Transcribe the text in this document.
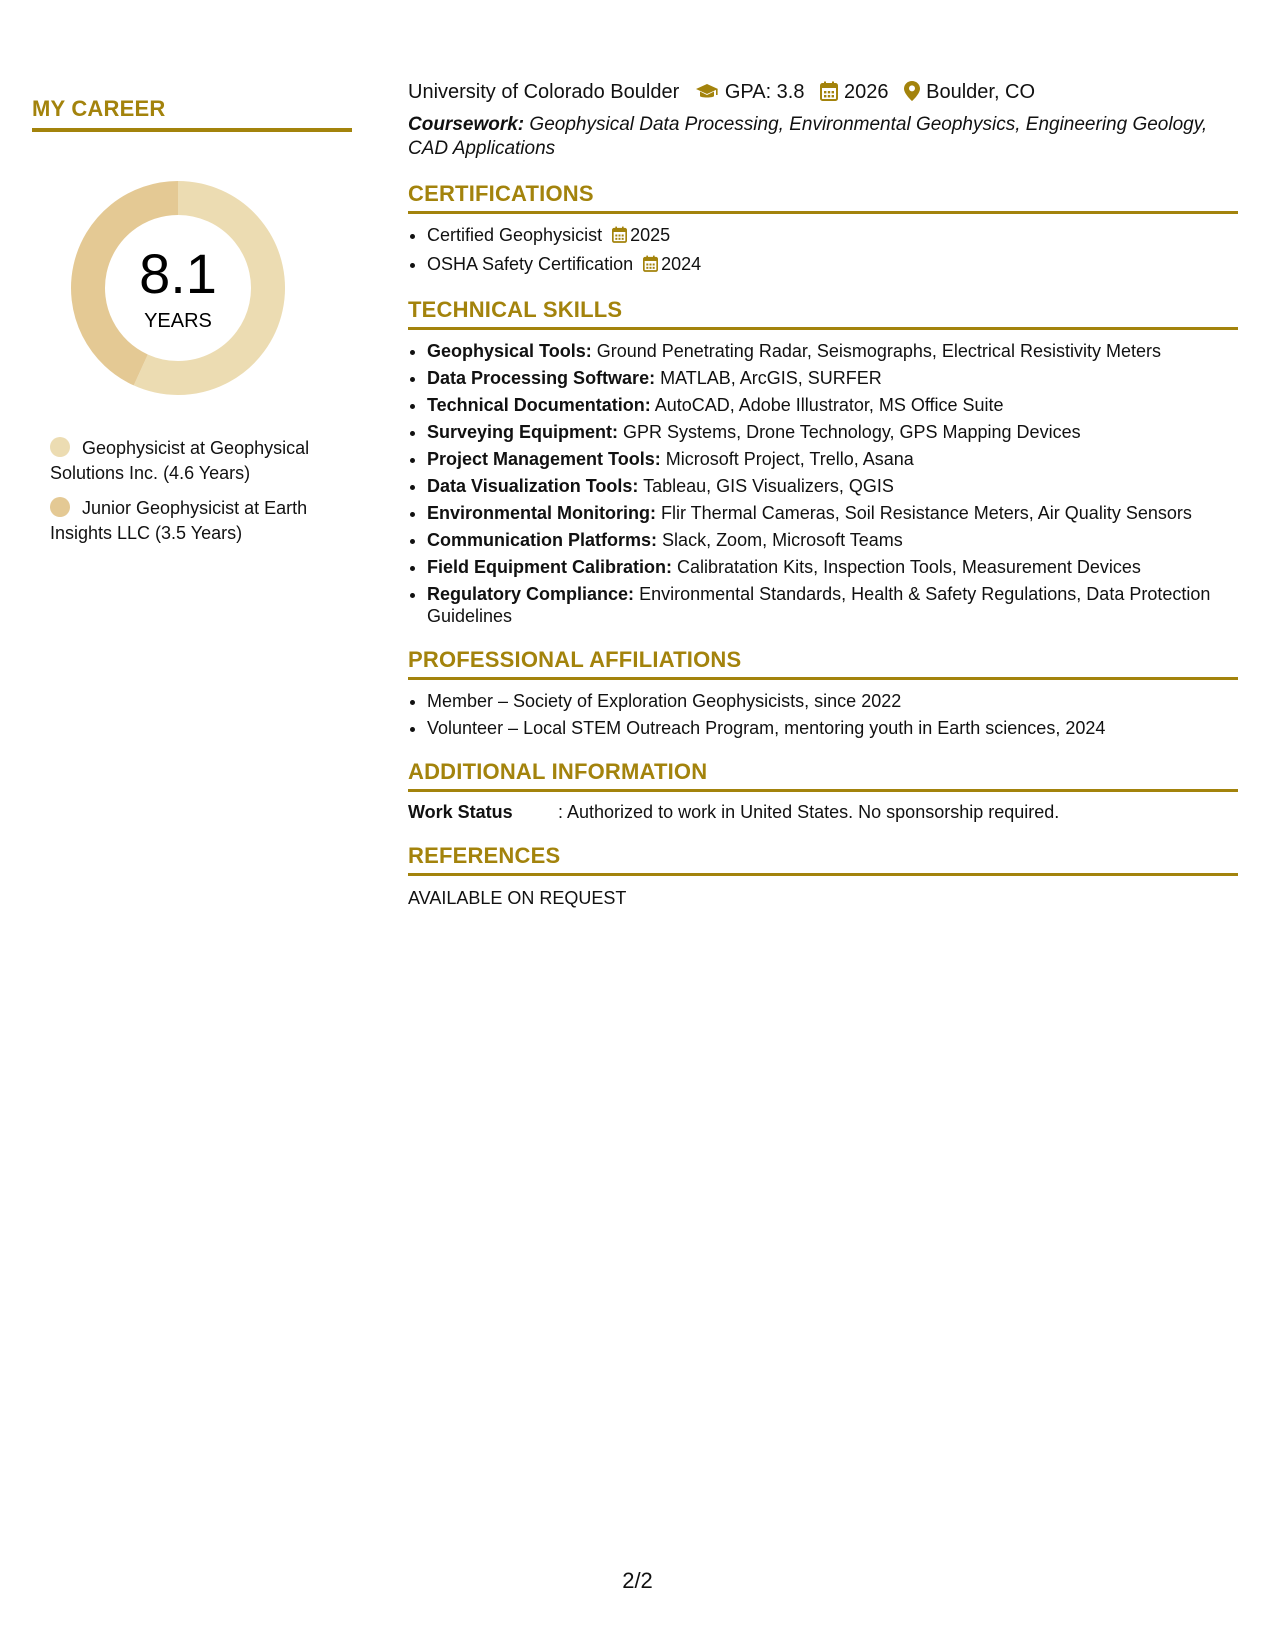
MY CAREER
8.1
YEARS
Geophysicist at Geophysical Solutions Inc. (4.6 Years)
Junior Geophysicist at Earth Insights LLC (3.5 Years)
University of Colorado Boulder GPA: 3.8 2026 Boulder, CO
Coursework: Geophysical Data Processing, Environmental Geophysics, Engineering Geology, CAD Applications
CERTIFICATIONS
• Certified Geophysicist 2025
• OSHA Safety Certification 2024
TECHNICAL SKILLS
• Geophysical Tools: Ground Penetrating Radar, Seismographs, Electrical Resistivity Meters
• Data Processing Software: MATLAB, ArcGIS, SURFER
• Technical Documentation: AutoCAD, Adobe Illustrator, MS Office Suite
• Surveying Equipment: GPR Systems, Drone Technology, GPS Mapping Devices
• Project Management Tools: Microsoft Project, Trello, Asana
• Data Visualization Tools: Tableau, GIS Visualizers, QGIS
• Environmental Monitoring: Flir Thermal Cameras, Soil Resistance Meters, Air Quality Sensors
• Communication Platforms: Slack, Zoom, Microsoft Teams
• Field Equipment Calibration: Calibratation Kits, Inspection Tools, Measurement Devices
• Regulatory Compliance: Environmental Standards, Health & Safety Regulations, Data Protection Guidelines
PROFESSIONAL AFFILIATIONS
• Member – Society of Exploration Geophysicists, since 2022
• Volunteer – Local STEM Outreach Program, mentoring youth in Earth sciences, 2024
ADDITIONAL INFORMATION
Work Status	: Authorized to work in United States. No sponsorship required.
REFERENCES
AVAILABLE ON REQUEST
2/2
